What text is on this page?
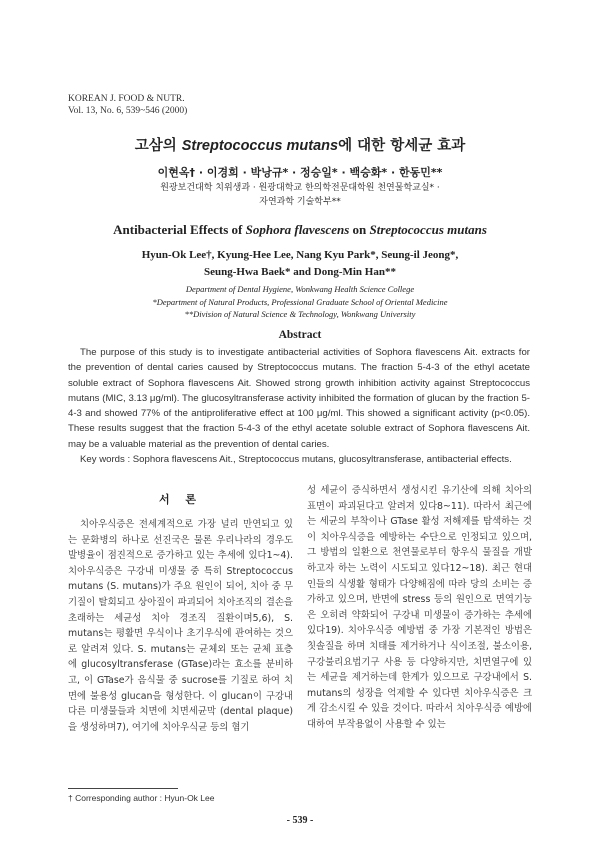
KOREAN J. FOOD & NUTR.
Vol. 13, No. 6, 539~546 (2000)
고삼의 Streptococcus mutans에 대한 항세균 효과
이현옥† · 이경희 · 박낭규* · 정승일* · 백승화* · 한동민**
원광보건대학 치위생과 · 원광대학교 한의학전문대학원 천연물학교실* ·
자연과학 기술학부**
Antibacterial Effects of Sophora flavescens on Streptococcus mutans
Hyun-Ok Lee†, Kyung-Hee Lee, Nang Kyu Park*, Seung-il Jeong*,
Seung-Hwa Baek* and Dong-Min Han**
Department of Dental Hygiene, Wonkwang Health Science College
*Department of Natural Products, Professional Graduate School of Oriental Medicine
**Division of Natural Science & Technology, Wonkwang University
Abstract

The purpose of this study is to investigate antibacterial activities of Sophora flavescens Ait. extracts for the prevention of dental caries caused by Streptococcus mutans. The fraction 5-4-3 of the ethyl acetate soluble extract of Sophora flavescens Ait. Showed strong growth inhibition activity against Streptococcus mutans (MIC, 3.13 μg/ml). The glucosyltransferase activity inhibited the formation of glucan by the fraction 5-4-3 and showed 77% of the antiproliferative effect at 100 μg/ml. This showed a significant activity (p<0.05). These results suggest that the fraction 5-4-3 of the ethyl acetate soluble extract of Sophora flavescens Ait. may be a valuable material as the prevention of dental caries.

Key words : Sophora flavescens Ait., Streptococcus mutans, glucosyltransferase, antibacterial effects.

서 론

치아우식증은 전세계적으로 가장 널리 만연되고 있는 문화병의 하나로 선진국은 물론 우리나라의 경우도 발병율이 점진적으로 증가하고 있는 추세에 있다1~4). 치아우식증은 구강내 미생물 중 특히 Streptococcus mutans (S. mutans)가 주요 원인이 되어, 치아 중 무기질이 탈회되고 상아질이 파괴되어 치아조직의 결손을 초래하는 세균성 치아 경조직 질환이며5,6), S. mutans는 평활면 우식이나 초기우식에 관여하는 것으로 알려져 있다. S. mutans는 균체외 또는 균체 표층에 glucosyltransferase (GTase)라는 효소를 분비하고, 이 GTase가 음식물 중 sucrose를 기질로 하여 치면에 불용성 glucan을 형성한다. 이 glucan이 구강내 다른 미생물들과 치면에 치면세균막 (dental plaque)을 생성하며7), 여기에 치아우식균 등의 혐기

성 세균이 증식하면서 생성시킨 유기산에 의해 치아의 표면이 파괴된다고 알려져 있다8~11). 따라서 최근에는 세균의 부착이나 GTase 활성 저해제를 탐색하는 것이 치아우식증을 예방하는 수단으로 인정되고 있으며, 그 방법의 일환으로 천연물로부터 항우식 물질을 개발하고자 하는 노력이 시도되고 있다12~18). 최근 현대인들의 식생활 형태가 다양해짐에 따라 당의 소비는 증가하고 있으며, 반면에 stress 등의 원인으로 면역기능은 오히려 약화되어 구강내 미생물이 증가하는 추세에 있다19). 치아우식증 예방법 중 가장 기본적인 방법은 칫솔질을 하며 치태를 제거하거나 식이조절, 불소이용, 구강불리요법기구 사용 등 다양하지만, 치면열구에 있는 세균을 제거하는데 한계가 있으므로 구강내에서 S. mutans의 성장을 억제할 수 있다면 치아우식증은 크게 감소시킬 수 있을 것이다. 따라서 치아우식증 예방에 대하여 부작용없이 사용할 수 있는

† Corresponding author : Hyun-Ok Lee
- 539 -
